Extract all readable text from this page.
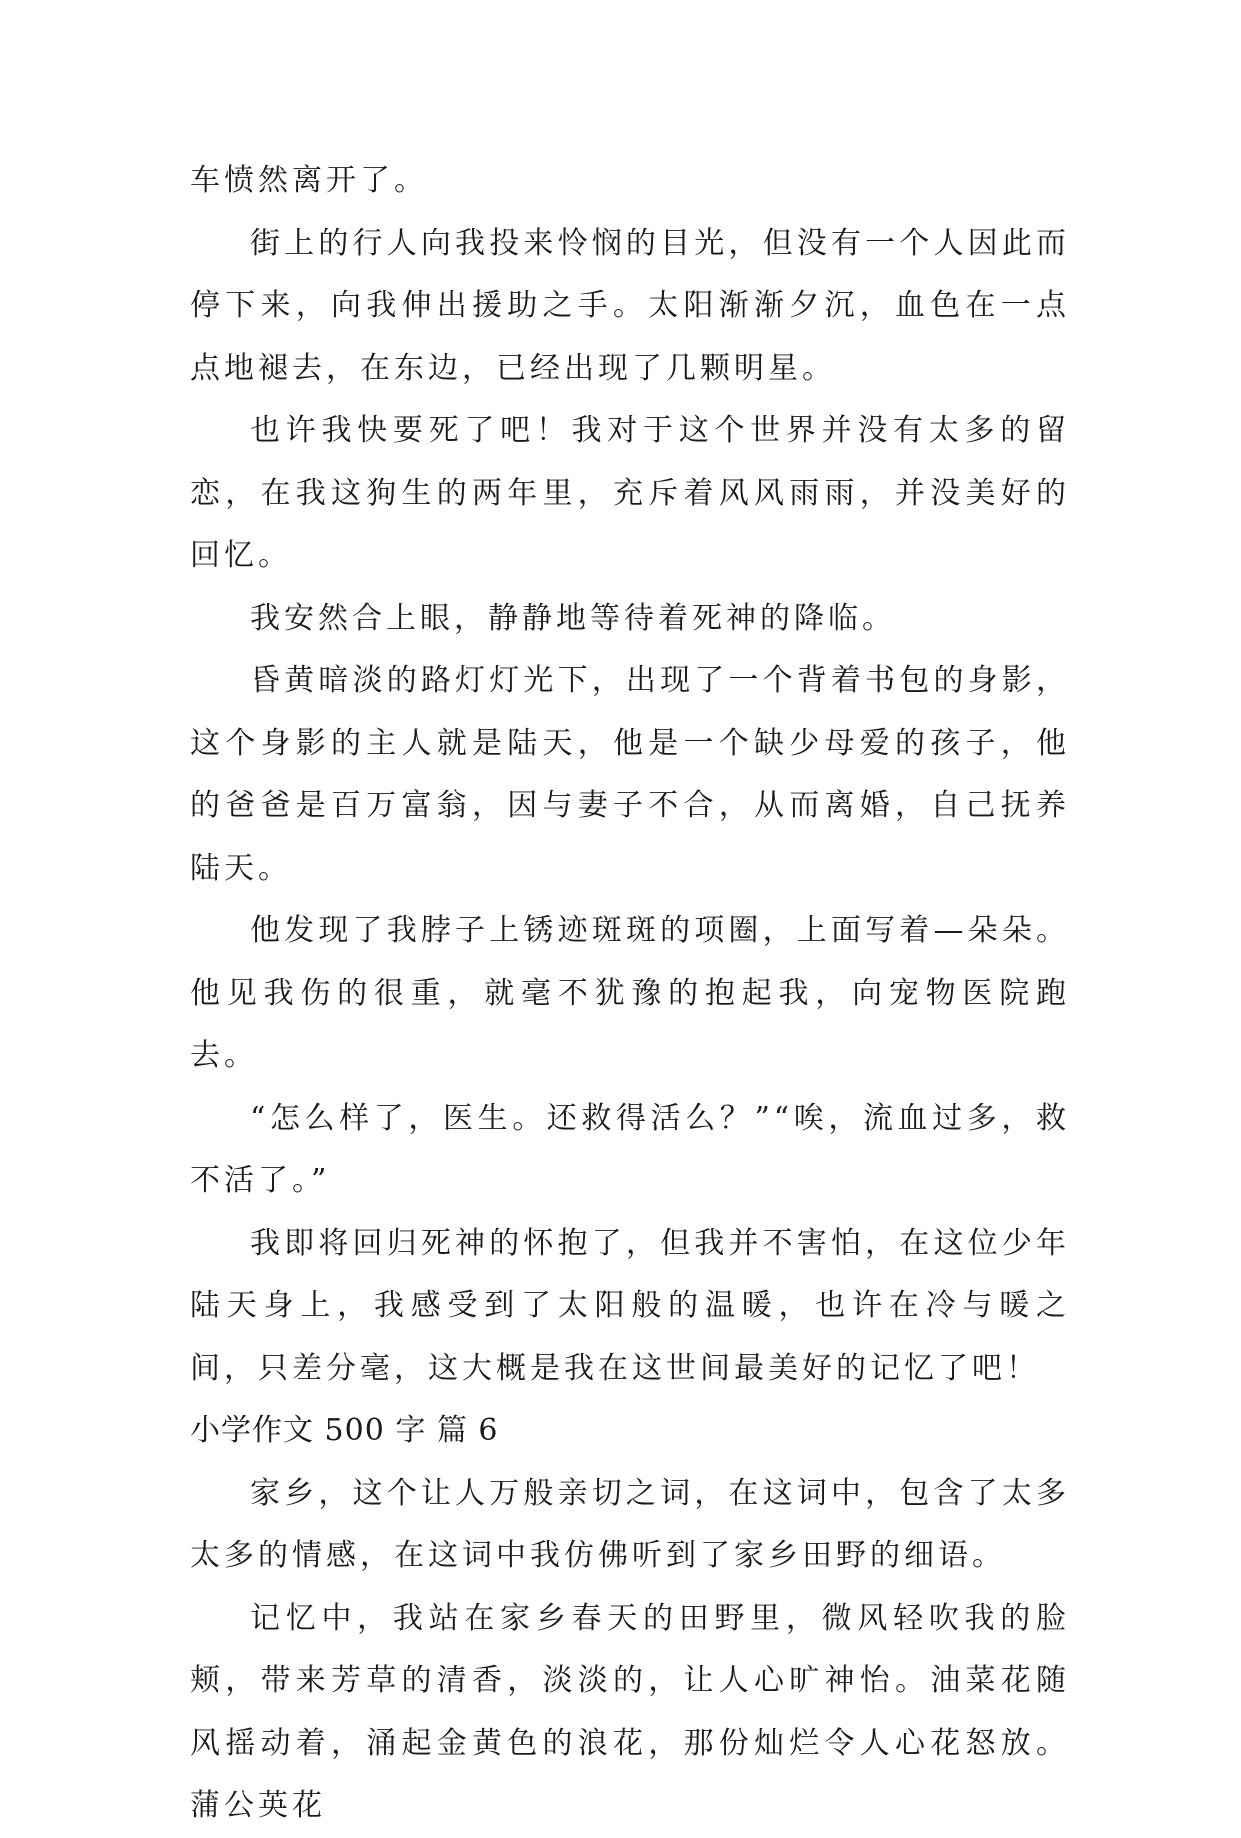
车愤然离开了。

街上的行人向我投来怜悯的目光，但没有一个人因此而停下来，向我伸出援助之手。太阳渐渐夕沉，血色在一点点地褪去，在东边，已经出现了几颗明星。

也许我快要死了吧！我对于这个世界并没有太多的留恋，在我这狗生的两年里，充斥着风风雨雨，并没美好的回忆。

我安然合上眼，静静地等待着死神的降临。

昏黄暗淡的路灯灯光下，出现了一个背着书包的身影，这个身影的主人就是陆天，他是一个缺少母爱的孩子，他的爸爸是百万富翁，因与妻子不合，从而离婚，自己抚养陆天。

他发现了我脖子上锈迹斑斑的项圈，上面写着—朵朵。他见我伤的很重，就毫不犹豫的抱起我，向宠物医院跑去。

“怎么样了，医生。还救得活么？”“唉，流血过多，救不活了。”

我即将回归死神的怀抱了，但我并不害怕，在这位少年陆天身上，我感受到了太阳般的温暖，也许在冷与暖之间，只差分毫，这大概是我在这世间最美好的记忆了吧！

小学作文 500 字 篇 6

家乡，这个让人万般亲切之词，在这词中，包含了太多太多的情感，在这词中我仿佛听到了家乡田野的细语。

记忆中，我站在家乡春天的田野里，微风轻吹我的脸颊，带来芳草的清香，淡淡的，让人心旷神怡。油菜花随风摇动着，涌起金黄色的浪花，那份灿烂令人心花怒放。蒲公英花
